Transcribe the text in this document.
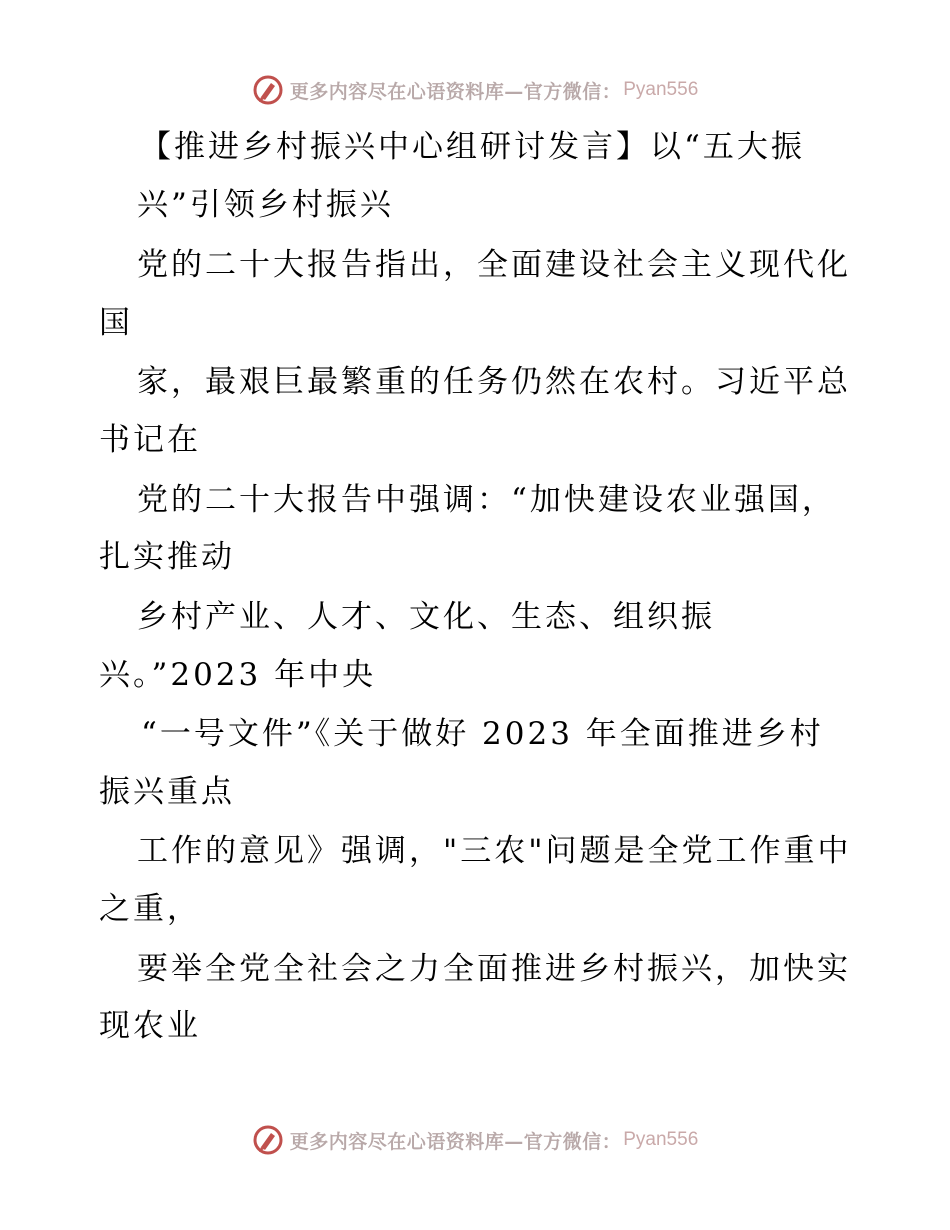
更多内容尽在心语资料库—官方微信： Pyan556
【推进乡村振兴中心组研讨发言】以“五大振
兴”引领乡村振兴
党的二十大报告指出，全面建设社会主义现代化
国
家，最艰巨最繁重的任务仍然在农村。习近平总
书记在
党的二十大报告中强调：“加快建设农业强国，
扎实推动
乡村产业、人才、文化、生态、组织振
兴。”2023 年中央
“一号文件”《关于做好 2023 年全面推进乡村
振兴重点
工作的意见》强调，"三农"问题是全党工作重中
之重，
要举全党全社会之力全面推进乡村振兴，加快实
现农业
更多内容尽在心语资料库—官方微信： Pyan556
